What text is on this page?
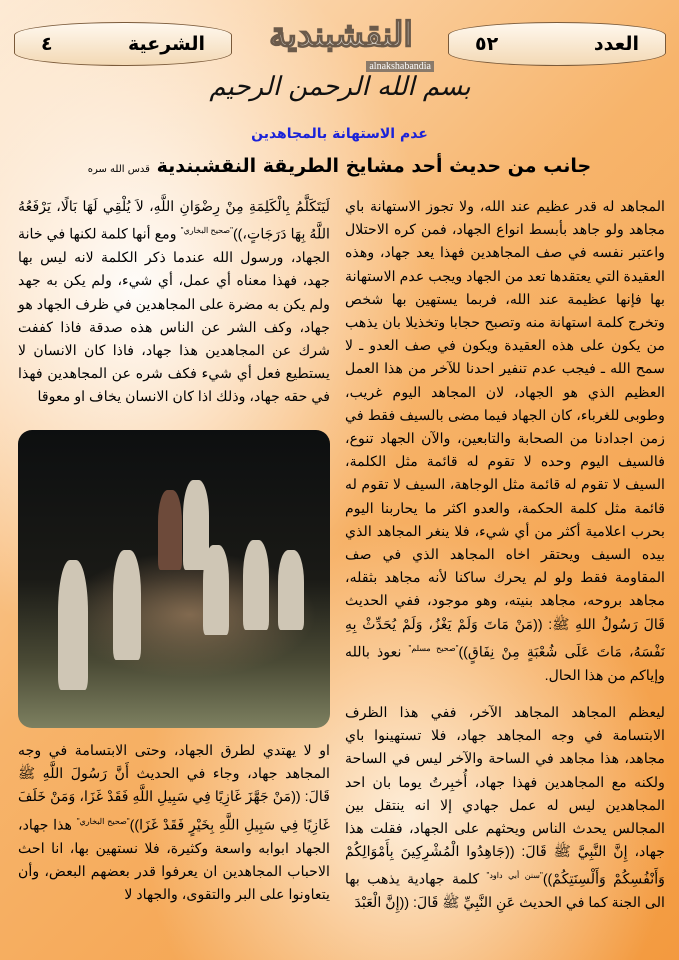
الشرعية
٤	النقشبندية
alnakshabandia
العدد
٥٢
بسم الله الرحمن الرحيم
عدم الاستهانة بالمجاهدين
جانب من حديث أحد مشايخ الطريقة النقشبندية قدس الله سره

المجاهد له قدر عظيم عند الله، ولا تجوز الاستهانة باي مجاهد ولو جاهد بأبسط انواع الجهاد، فمن كره الاحتلال واعتبر نفسه في صف المجاهدين فهذا يعد جهاد، وهذه العقيدة التي يعتقدها تعد من الجهاد ويجب عدم الاستهانة بها فإنها عظيمة عند الله، فربما يستهين بها شخص وتخرج كلمة استهانة منه وتصبح حجابا وتخذيلا بان يذهب من يكون على هذه العقيدة ويكون في صف العدو ـ لا سمح الله ـ فيجب عدم تنفير احدنا للآخر من هذا العمل العظيم الذي هو الجهاد، لان المجاهد اليوم غريب، وطوبى للغرباء، كان الجهاد فيما مضى بالسيف فقط في زمن اجدادنا من الصحابة والتابعين، والآن الجهاد تنوع، فالسيف اليوم وحده لا تقوم له قائمة مثل الكلمة، السيف لا تقوم له قائمة مثل الوجاهة، السيف لا تقوم له قائمة مثل كلمة الحكمة، والعدو اكثر ما يحاربنا اليوم بحرب اعلامية أكثر من أي شيء، فلا ينغر المجاهد الذي بيده السيف ويحتقر اخاه المجاهد الذي في صف المقاومة فقط ولو لم يحرك ساكنا لأنه مجاهد بثقله، مجاهد بروحه، مجاهد بنيته، وهو موجود، ففي الحديث قَالَ رَسُولُ اللهِ ﷺ: ((مَنْ مَاتَ وَلَمْ يَغْزُ، وَلَمْ يُحَدِّثْ بِهِ نَفْسَهُ، مَاتَ عَلَى شُعْبَةٍ مِنْ نِفَاقٍ))$^{"صحيح مسلم"}$ نعوذ بالله وإياكم من هذا الحال.

ليعظم المجاهد المجاهد الآخر، ففي هذا الظرف الابتسامة في وجه المجاهد جهاد، فلا تستهينوا باي مجاهد، هذا مجاهد في الساحة والآخر ليس في الساحة ولكنه مع المجاهدين فهذا جهاد، أُخبِرتُ يوما بان احد المجاهدين ليس له عمل جهادي إلا انه ينتقل بين المجالس يحدث الناس ويحثهم على الجهاد، فقلت هذا جهاد، إِنَّ النَّبِيَّ ﷺ قَالَ: ((جَاهِدُوا الْمُشْرِكِينَ بِأَمْوَالِكُمْ وَأَنْفُسِكُمْ وَأَلْسِنَتِكُمْ))$^{"سنن أبي داود"}$ كلمة جهادية يذهب بها الى الجنة كما في الحديث عَنِ النَّبِيِّ ﷺ قَالَ: ((إِنَّ الْعَبْدَ

لَيَتَكَلَّمُ بِالْكَلِمَةِ مِنْ رِضْوَانِ اللَّهِ، لاَ يُلْقِي لَهَا بَالًا، يَرْفَعُهُ اللَّهُ بِهَا دَرَجَاتٍ،))$^{"صحيح البخاري"}$ ومع أنها كلمة لكنها في خانة الجهاد، ورسول الله عندما ذكر الكلمة لانه ليس بها جهد، فهذا معناه أي عمل، أي شيء، ولم يكن به جهد ولم يكن به مضرة على المجاهدين في ظرف الجهاد هو جهاد، وكف الشر عن الناس هذه صدقة فاذا كففت شرك عن المجاهدين هذا جهاد، فاذا كان الانسان لا يستطيع فعل أي شيء فكف شره عن المجاهدين فهذا في حقه جهاد، وذلك اذا كان الانسان يخاف او معوقا

او لا يهتدي لطرق الجهاد، وحتى الابتسامة في وجه المجاهد جهاد، وجاء في الحديث أَنَّ رَسُولَ اللَّهِ ﷺ قَالَ: ((مَنْ جَهَّزَ غَازِيًا فِي سَبِيلِ اللَّهِ فَقَدْ غَزَا، وَمَنْ خَلَفَ غَازِيًا فِي سَبِيلِ اللَّهِ بِخَيْرٍ فَقَدْ غَزَا))$^{"صحيح البخاري"}$ هذا جهاد، الجهاد ابوابه واسعة وكثيرة، فلا نستهين بها، انا احث الاحباب المجاهدين ان يعرفوا قدر بعضهم البعض، وأن يتعاونوا على البر والتقوى، والجهاد لا
